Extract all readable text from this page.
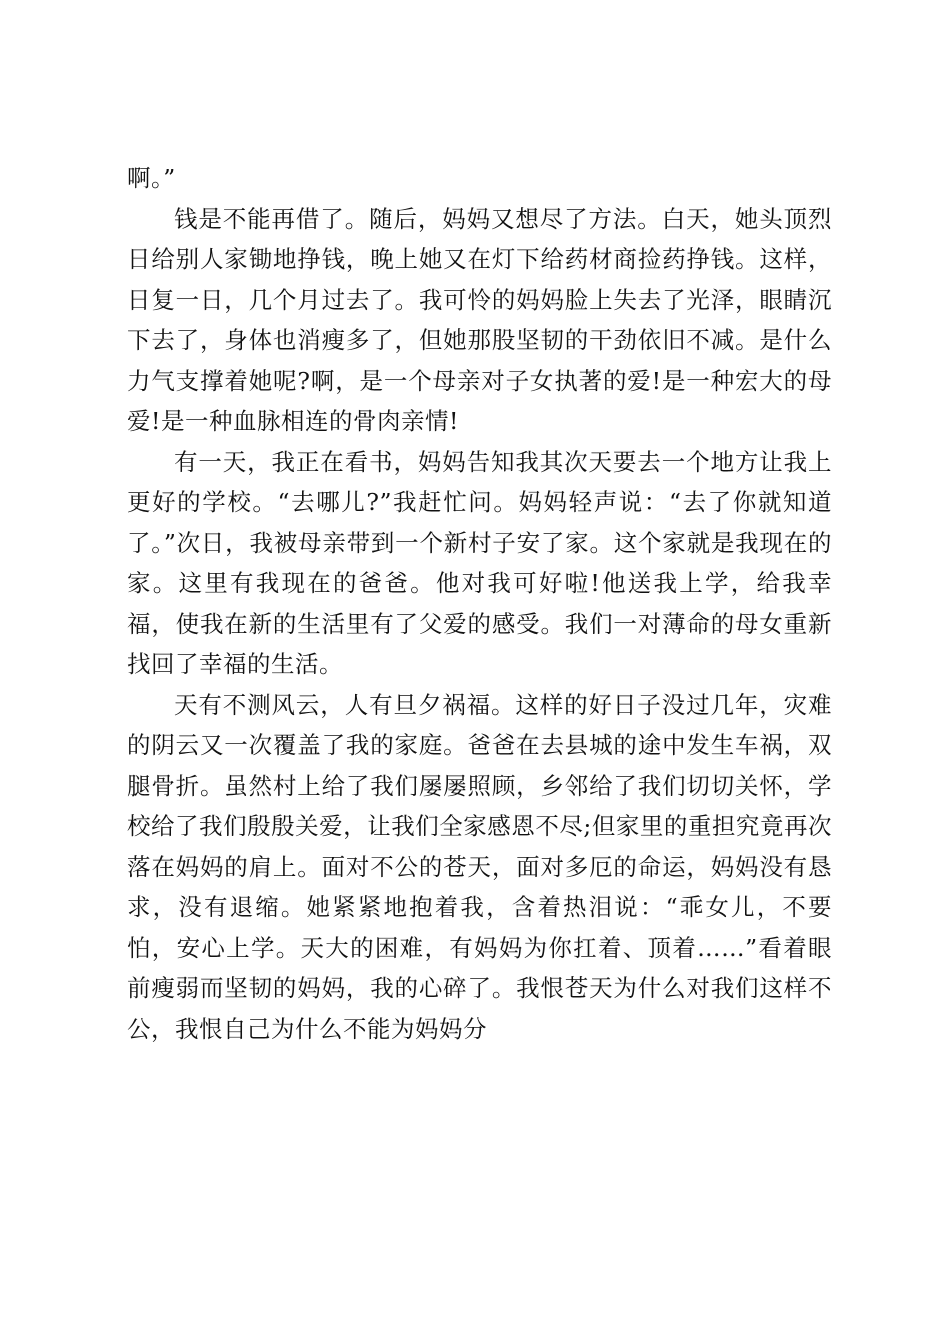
啊。”

钱是不能再借了。随后，妈妈又想尽了方法。白天，她头顶烈日给别人家锄地挣钱，晚上她又在灯下给药材商捡药挣钱。这样，日复一日，几个月过去了。我可怜的妈妈脸上失去了光泽，眼睛沉下去了，身体也消瘦多了，但她那股坚韧的干劲依旧不减。是什么力气支撑着她呢?啊，是一个母亲对子女执著的爱!是一种宏大的母爱!是一种血脉相连的骨肉亲情!

有一天，我正在看书，妈妈告知我其次天要去一个地方让我上更好的学校。“去哪儿?”我赶忙问。妈妈轻声说：“去了你就知道了。”次日，我被母亲带到一个新村子安了家。这个家就是我现在的家。这里有我现在的爸爸。他对我可好啦!他送我上学，给我幸福，使我在新的生活里有了父爱的感受。我们一对薄命的母女重新找回了幸福的生活。

天有不测风云，人有旦夕祸福。这样的好日子没过几年，灾难的阴云又一次覆盖了我的家庭。爸爸在去县城的途中发生车祸，双腿骨折。虽然村上给了我们屡屡照顾，乡邻给了我们切切关怀，学校给了我们殷殷关爱，让我们全家感恩不尽;但家里的重担究竟再次落在妈妈的肩上。面对不公的苍天，面对多厄的命运，妈妈没有恳求，没有退缩。她紧紧地抱着我，含着热泪说：“乖女儿，不要怕，安心上学。天大的困难，有妈妈为你扛着、顶着……”看着眼前瘦弱而坚韧的妈妈，我的心碎了。我恨苍天为什么对我们这样不公，我恨自己为什么不能为妈妈分
